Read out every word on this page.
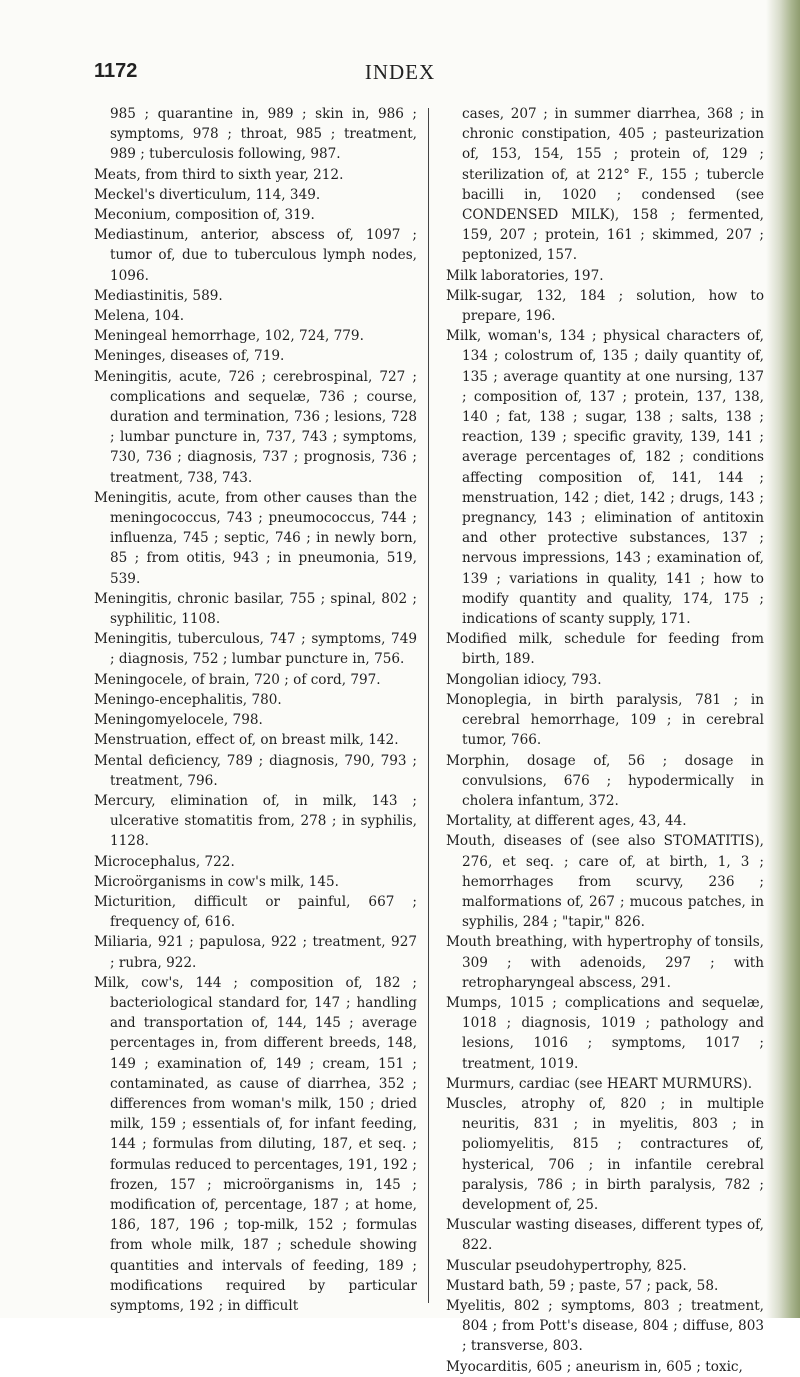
1172	INDEX

985 ; quarantine in, 989 ; skin in, 986 ; symptoms, 978 ; throat, 985 ; treatment, 989 ; tuberculosis following, 987.

Meats, from third to sixth year, 212.

Meckel's diverticulum, 114, 349.

Meconium, composition of, 319.

Mediastinum, anterior, abscess of, 1097 ; tumor of, due to tuberculous lymph nodes, 1096.

Mediastinitis, 589.

Melena, 104.

Meningeal hemorrhage, 102, 724, 779.

Meninges, diseases of, 719.

Meningitis, acute, 726 ; cerebrospinal, 727 ; complications and sequelæ, 736 ; course, duration and termination, 736 ; lesions, 728 ; lumbar puncture in, 737, 743 ; symptoms, 730, 736 ; diagnosis, 737 ; prognosis, 736 ; treatment, 738, 743.

Meningitis, acute, from other causes than the meningococcus, 743 ; pneumococcus, 744 ; influenza, 745 ; septic, 746 ; in newly born, 85 ; from otitis, 943 ; in pneumonia, 519, 539.

Meningitis, chronic basilar, 755 ; spinal, 802 ; syphilitic, 1108.

Meningitis, tuberculous, 747 ; symptoms, 749 ; diagnosis, 752 ; lumbar puncture in, 756.

Meningocele, of brain, 720 ; of cord, 797.

Meningo-encephalitis, 780.

Meningomyelocele, 798.

Menstruation, effect of, on breast milk, 142.

Mental deficiency, 789 ; diagnosis, 790, 793 ; treatment, 796.

Mercury, elimination of, in milk, 143 ; ulcerative stomatitis from, 278 ; in syphilis, 1128.

Microcephalus, 722.

Microörganisms in cow's milk, 145.

Micturition, difficult or painful, 667 ; frequency of, 616.

Miliaria, 921 ; papulosa, 922 ; treatment, 927 ; rubra, 922.

Milk, cow's, 144 ; composition of, 182 ; bacteriological standard for, 147 ; handling and transportation of, 144, 145 ; average percentages in, from different breeds, 148, 149 ; examination of, 149 ; cream, 151 ; contaminated, as cause of diarrhea, 352 ; differences from woman's milk, 150 ; dried milk, 159 ; essentials of, for infant feeding, 144 ; formulas from diluting, 187, et seq. ; formulas reduced to percentages, 191, 192 ; frozen, 157 ; microörganisms in, 145 ; modification of, percentage, 187 ; at home, 186, 187, 196 ; top-milk, 152 ; formulas from whole milk, 187 ; schedule showing quantities and intervals of feeding, 189 ; modifications required by particular symptoms, 192 ; in difficult

cases, 207 ; in summer diarrhea, 368 ; in chronic constipation, 405 ; pasteurization of, 153, 154, 155 ; protein of, 129 ; sterilization of, at 212° F., 155 ; tubercle bacilli in, 1020 ; condensed (see CONDENSED MILK), 158 ; fermented, 159, 207 ; protein, 161 ; skimmed, 207 ; peptonized, 157.

Milk laboratories, 197.

Milk-sugar, 132, 184 ; solution, how to prepare, 196.

Milk, woman's, 134 ; physical characters of, 134 ; colostrum of, 135 ; daily quantity of, 135 ; average quantity at one nursing, 137 ; composition of, 137 ; protein, 137, 138, 140 ; fat, 138 ; sugar, 138 ; salts, 138 ; reaction, 139 ; specific gravity, 139, 141 ; average percentages of, 182 ; conditions affecting composition of, 141, 144 ; menstruation, 142 ; diet, 142 ; drugs, 143 ; pregnancy, 143 ; elimination of antitoxin and other protective substances, 137 ; nervous impressions, 143 ; examination of, 139 ; variations in quality, 141 ; how to modify quantity and quality, 174, 175 ; indications of scanty supply, 171.

Modified milk, schedule for feeding from birth, 189.

Mongolian idiocy, 793.

Monoplegia, in birth paralysis, 781 ; in cerebral hemorrhage, 109 ; in cerebral tumor, 766.

Morphin, dosage of, 56 ; dosage in convulsions, 676 ; hypodermically in cholera infantum, 372.

Mortality, at different ages, 43, 44.

Mouth, diseases of (see also STOMATITIS), 276, et seq. ; care of, at birth, 1, 3 ; hemorrhages from scurvy, 236 ; malformations of, 267 ; mucous patches, in syphilis, 284 ; "tapir," 826.

Mouth breathing, with hypertrophy of tonsils, 309 ; with adenoids, 297 ; with retropharyngeal abscess, 291.

Mumps, 1015 ; complications and sequelæ, 1018 ; diagnosis, 1019 ; pathology and lesions, 1016 ; symptoms, 1017 ; treatment, 1019.

Murmurs, cardiac (see HEART MURMURS).

Muscles, atrophy of, 820 ; in multiple neuritis, 831 ; in myelitis, 803 ; in poliomyelitis, 815 ; contractures of, hysterical, 706 ; in infantile cerebral paralysis, 786 ; in birth paralysis, 782 ; development of, 25.

Muscular wasting diseases, different types of, 822.

Muscular pseudohypertrophy, 825.

Mustard bath, 59 ; paste, 57 ; pack, 58.

Myelitis, 802 ; symptoms, 803 ; treatment, 804 ; from Pott's disease, 804 ; diffuse, 803 ; transverse, 803.

Myocarditis, 605 ; aneurism in, 605 ; toxic,
